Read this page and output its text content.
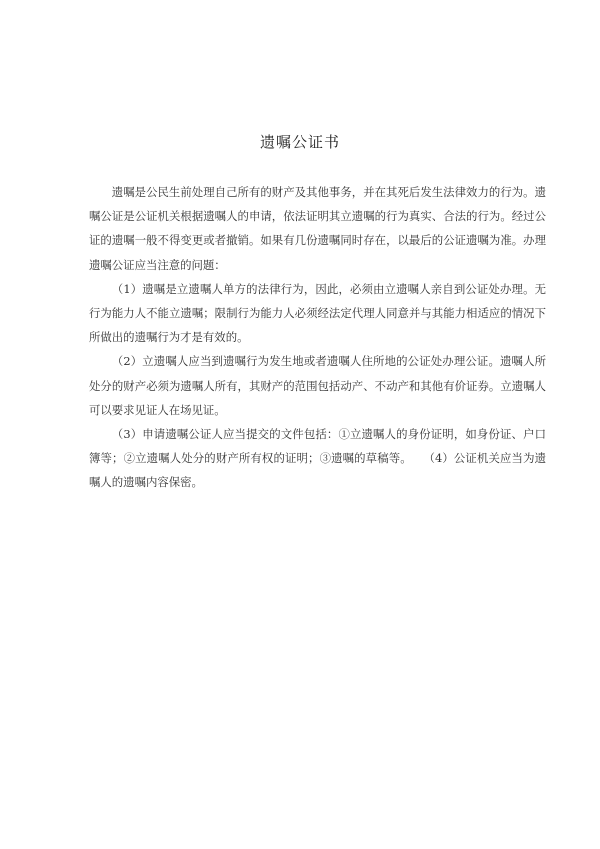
遗嘱公证书

遗嘱是公民生前处理自己所有的财产及其他事务，并在其死后发生法律效力的行为。遗嘱公证是公证机关根据遗嘱人的申请，依法证明其立遗嘱的行为真实、合法的行为。经过公证的遗嘱一般不得变更或者撤销。如果有几份遗嘱同时存在，以最后的公证遗嘱为准。办理遗嘱公证应当注意的问题：

（1）遗嘱是立遗嘱人单方的法律行为，因此，必须由立遗嘱人亲自到公证处办理。无行为能力人不能立遗嘱；限制行为能力人必须经法定代理人同意并与其能力相适应的情况下所做出的遗嘱行为才是有效的。

（2）立遗嘱人应当到遗嘱行为发生地或者遗嘱人住所地的公证处办理公证。遗嘱人所处分的财产必须为遗嘱人所有，其财产的范围包括动产、不动产和其他有价证券。立遗嘱人可以要求见证人在场见证。

（3）申请遗嘱公证人应当提交的文件包括：①立遗嘱人的身份证明，如身份证、户口簿等；②立遗嘱人处分的财产所有权的证明；③遗嘱的草稿等。　　（4）公证机关应当为遗嘱人的遗嘱内容保密。
